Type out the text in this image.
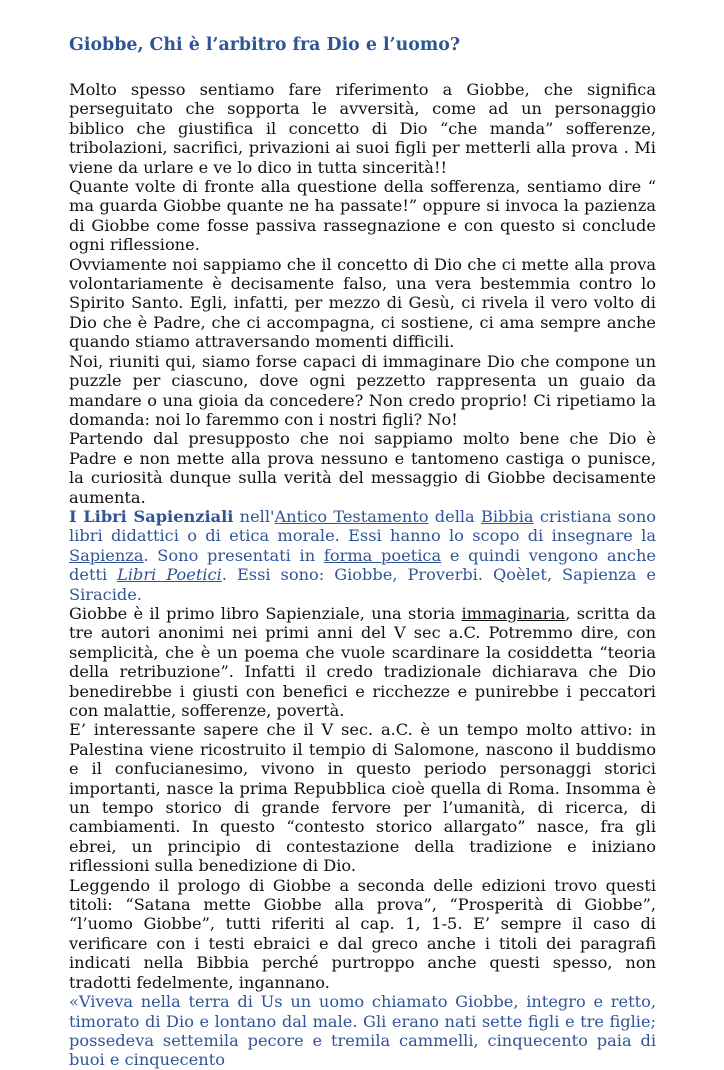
Giobbe, Chi è l’arbitro fra Dio e l’uomo?

Molto spesso sentiamo fare riferimento a Giobbe, che significa perseguitato che sopporta le avversità, come ad un personaggio biblico che giustifica il concetto di Dio “che manda” sofferenze, tribolazioni, sacrifici, privazioni ai suoi figli per metterli alla prova . Mi viene da urlare e ve lo dico in tutta sincerità!!

Quante volte di fronte alla questione della sofferenza, sentiamo dire “ ma guarda Giobbe quante ne ha passate!” oppure si invoca la pazienza di Giobbe come fosse passiva rassegnazione e con questo si conclude ogni riflessione.

Ovviamente noi sappiamo che il concetto di Dio che ci mette alla prova volontariamente è decisamente falso, una vera bestemmia contro lo Spirito Santo. Egli, infatti, per mezzo di Gesù, ci rivela il vero volto di Dio che è Padre, che ci accompagna, ci sostiene, ci ama sempre anche quando stiamo attraversando momenti difficili.

Noi, riuniti qui, siamo forse capaci di immaginare Dio che compone un puzzle per ciascuno, dove ogni pezzetto rappresenta un guaio da mandare o una gioia da concedere? Non credo proprio! Ci ripetiamo la domanda: noi lo faremmo con i nostri figli? No!

Partendo dal presupposto che noi sappiamo molto bene che Dio è Padre e non mette alla prova nessuno e tantomeno castiga o punisce, la curiosità dunque sulla verità del messaggio di Giobbe decisamente aumenta.

I Libri Sapienziali nell'Antico Testamento della Bibbia cristiana sono libri didattici o di etica morale. Essi hanno lo scopo di insegnare la Sapienza. Sono presentati in forma poetica e quindi vengono anche detti Libri Poetici. Essi sono: Giobbe, Proverbi. Qoèlet, Sapienza e Siracide.

Giobbe è il primo libro Sapienziale, una storia immaginaria, scritta da tre autori anonimi nei primi anni del V sec a.C. Potremmo dire, con semplicità, che è un poema che vuole scardinare la cosiddetta “teoria della retribuzione”. Infatti il credo tradizionale dichiarava che Dio benedirebbe i giusti con benefici e ricchezze e punirebbe i peccatori con malattie, sofferenze, povertà.

E’ interessante sapere che il V sec. a.C. è un tempo molto attivo: in Palestina viene ricostruito il tempio di Salomone, nascono il buddismo e il confucianesimo, vivono in questo periodo personaggi storici importanti, nasce la prima Repubblica cioè quella di Roma. Insomma è un tempo storico di grande fervore per l’umanità, di ricerca, di cambiamenti. In questo “contesto storico allargato” nasce, fra gli ebrei, un principio di contestazione della tradizione e iniziano riflessioni sulla benedizione di Dio.

Leggendo il prologo di Giobbe a seconda delle edizioni trovo questi titoli: “Satana mette Giobbe alla prova”, “Prosperità di Giobbe”, “l’uomo Giobbe”, tutti riferiti al cap. 1, 1-5. E’ sempre il caso di verificare con i testi ebraici e dal greco anche i titoli dei paragrafi indicati nella Bibbia perché purtroppo anche questi spesso, non tradotti fedelmente, ingannano.

«Viveva nella terra di Us un uomo chiamato Giobbe, integro e retto, timorato di Dio e lontano dal male. Gli erano nati sette figli e tre figlie; possedeva settemila pecore e tremila cammelli, cinquecento paia di buoi e cinquecento
